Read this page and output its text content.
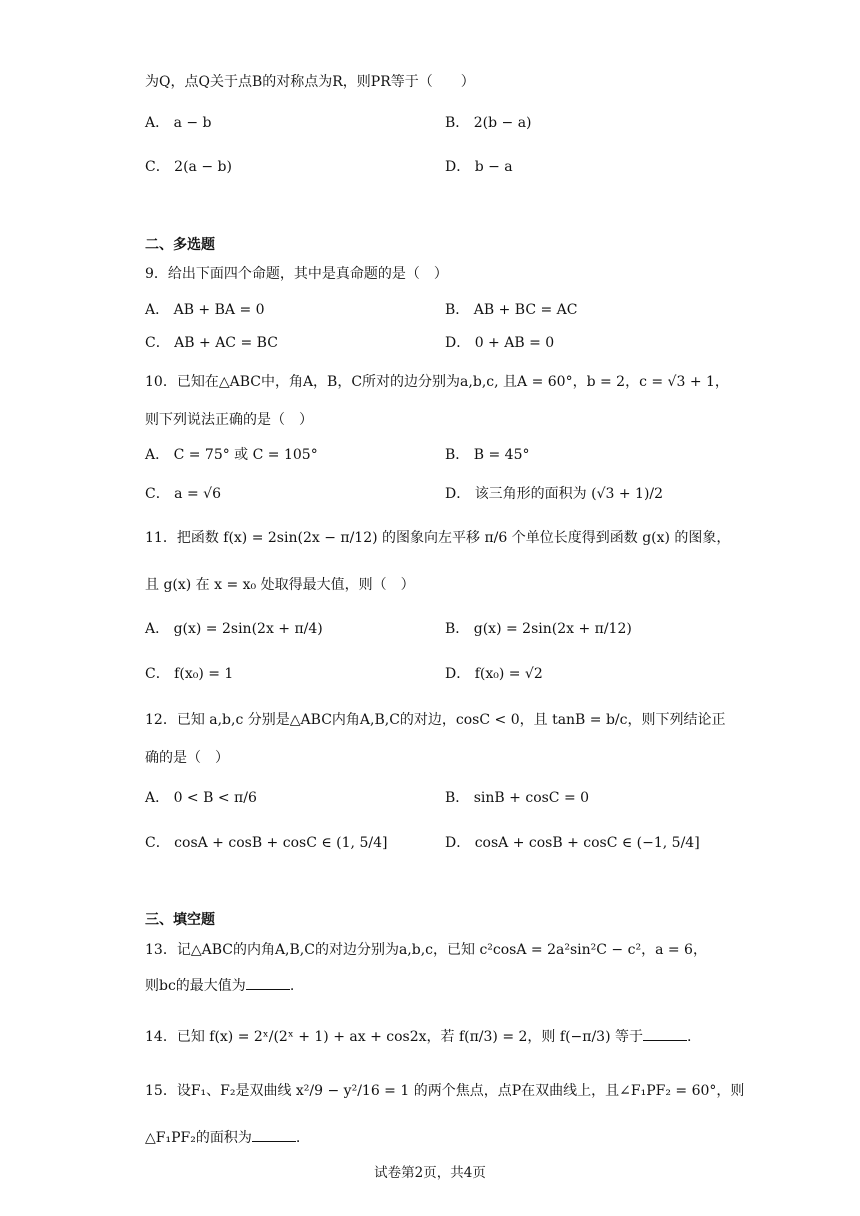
为Q，点Q关于点B的对称点为R，则PR等于（　　）
A． a − b	B． 2(b − a)
C． 2(a − b)	D． b − a
二、多选题
9．给出下面四个命题，其中是真命题的是（　）
A． AB + BA = 0	B． AB + BC = AC
C． AB + AC = BC	D． 0 + AB = 0
10．已知在△ABC中，角A，B，C所对的边分别为a,b,c, 且A = 60°，b = 2，c = √3 + 1，
则下列说法正确的是（　）
A． C = 75° 或 C = 105°	B． B = 45°
C． a = √6	D． 该三角形的面积为 (√3 + 1)/2
11．把函数 f(x) = 2sin(2x − π/12) 的图象向左平移 π/6 个单位长度得到函数 g(x) 的图象，
且 g(x) 在 x = x₀ 处取得最大值，则（　）
A． g(x) = 2sin(2x + π/4)	B． g(x) = 2sin(2x + π/12)
C． f(x₀) = 1	D． f(x₀) = √2
12．已知 a,b,c 分别是△ABC内角A,B,C的对边，cosC < 0，且 tanB = b/c，则下列结论正
确的是（　）
A． 0 < B < π/6	B． sinB + cosC = 0
C． cosA + cosB + cosC ∈ (1, 5/4]	D． cosA + cosB + cosC ∈ (−1, 5/4]
三、填空题
13．记△ABC的内角A,B,C的对边分别为a,b,c，已知 c²cosA = 2a²sin²C − c²，a = 6，
则bc的最大值为	.
14．已知 f(x) = 2ˣ/(2ˣ + 1) + ax + cos2x，若 f(π/3) = 2，则 f(−π/3) 等于	.
15．设F₁、F₂是双曲线 x²/9 − y²/16 = 1 的两个焦点，点P在双曲线上，且∠F₁PF₂ = 60°，则
△F₁PF₂的面积为	.
试卷第2页，共4页
